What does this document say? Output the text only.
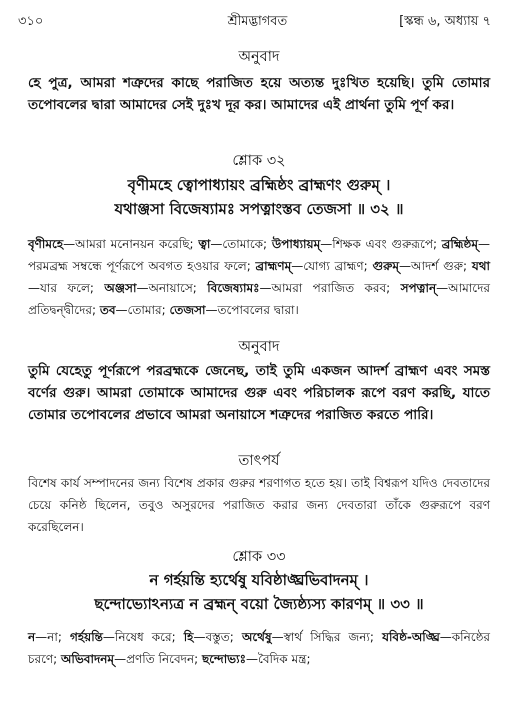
৩১০	শ্রীমদ্ভাগবত	[স্কন্ধ ৬, অধ্যায় ৭
অনুবাদ
হে পুত্র, আমরা শত্রুদের কাছে পরাজিত হয়ে অত্যন্ত দুঃখিত হয়েছি। তুমি তোমার তপোবলের দ্বারা আমাদের সেই দুঃখ দূর কর। আমাদের এই প্রার্থনা তুমি পূর্ণ কর।
শ্লোক ৩২
বৃণীমহে ত্বোপাধ্যায়ং ব্রহ্মিষ্ঠং ব্রাহ্মণং গুরুম্ ।
যথাঞ্জসা বিজেষ্যামঃ সপত্নাংস্তব তেজসা ॥ ৩২ ॥
বৃণীমহে—আমরা মনোনয়ন করেছি; ত্বা—তোমাকে; উপাধ্যায়ম্—শিক্ষক এবং গুরুরূপে; ব্রহ্মিষ্ঠম্—পরমব্রহ্ম সম্বন্ধে পূর্ণরূপে অবগত হওয়ার ফলে; ব্রাহ্মণম্—যোগ্য ব্রাহ্মণ; গুরুম্—আদর্শ গুরু; যথা—যার ফলে; অঞ্জসা—অনায়াসে; বিজেষ্যামঃ—আমরা পরাজিত করব; সপত্নান্—আমাদের প্রতিদ্বন্দ্বীদের; তব—তোমার; তেজসা—তপোবলের দ্বারা।
অনুবাদ
তুমি যেহেতু পূর্ণরূপে পরব্রহ্মকে জেনেছ, তাই তুমি একজন আদর্শ ব্রাহ্মণ এবং সমস্ত বর্ণের গুরু। আমরা তোমাকে আমাদের গুরু এবং পরিচালক রূপে বরণ করছি, যাতে তোমার তপোবলের প্রভাবে আমরা অনায়াসে শত্রুদের পরাজিত করতে পারি।
তাৎপর্য
বিশেষ কার্য সম্পাদনের জন্য বিশেষ প্রকার গুরুর শরণাগত হতে হয়। তাই বিশ্বরূপ যদিও দেবতাদের চেয়ে কনিষ্ঠ ছিলেন, তবুও অসুরদের পরাজিত করার জন্য দেবতারা তাঁকে গুরুরূপে বরণ করেছিলেন।
শ্লোক ৩৩
ন গর্হয়ন্তি হ্যর্থেষু যবিষ্ঠাঙ্ঘ্রভিবাদনম্ ।
ছন্দোভ্যোঽন্যত্র ন ব্রহ্মন্ বয়ো জ্যৈষ্ঠ্যস্য কারণম্ ॥ ৩৩ ॥
ন—না; গর্হয়ন্তি—নিষেধ করে; হি—বস্তুত; অর্থেষু—স্বার্থ সিদ্ধির জন্য; যবিষ্ঠ-অঙ্ঘ্রি—কনিষ্ঠের চরণে; অভিবাদনম্—প্রণতি নিবেদন; ছন্দোভ্যঃ—বৈদিক মন্ত্র;
